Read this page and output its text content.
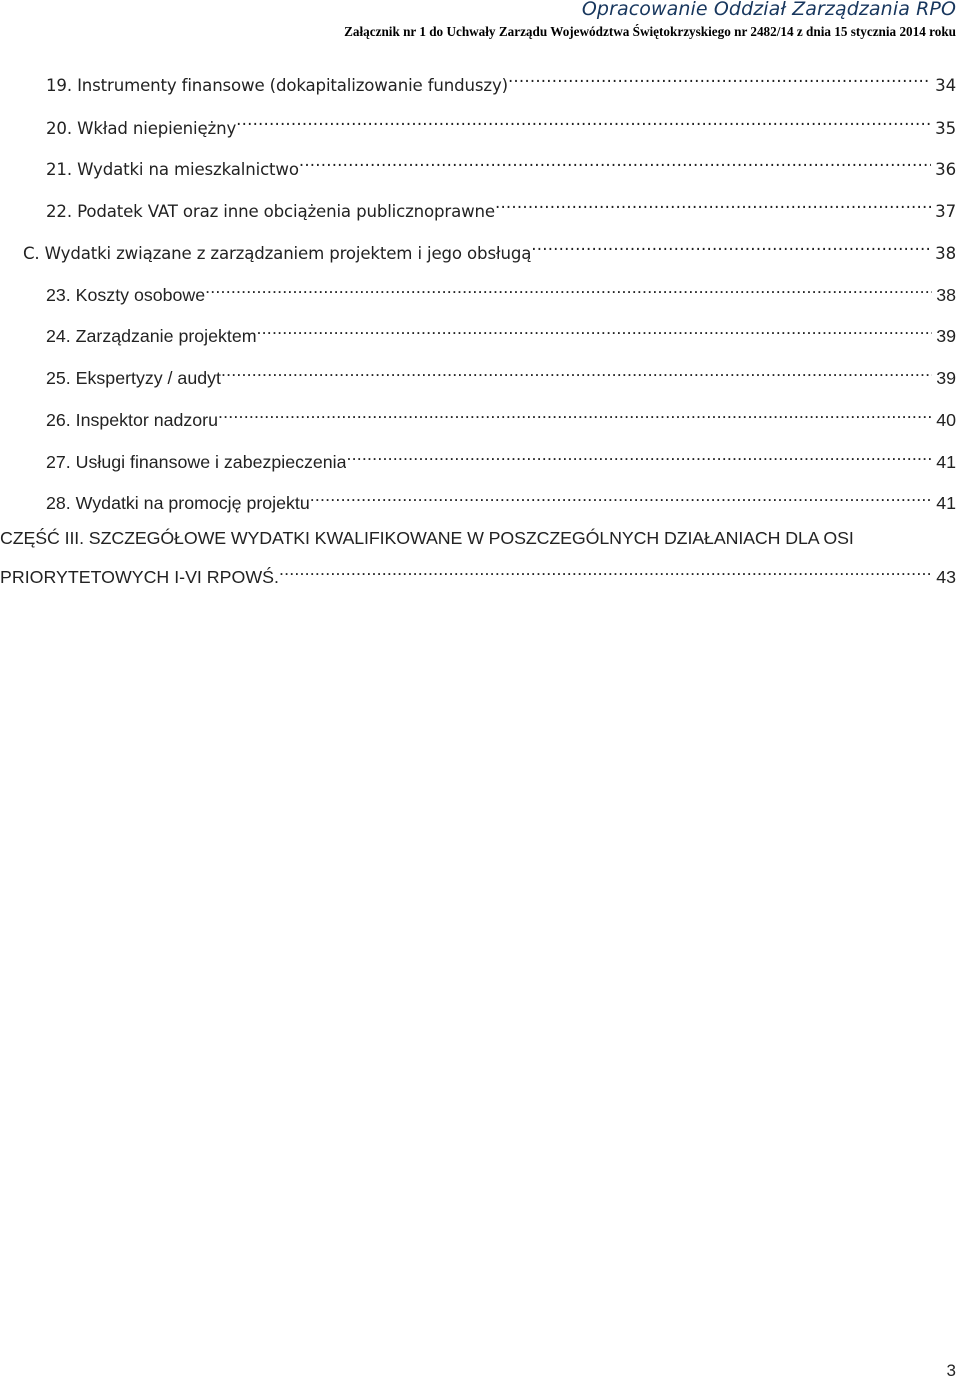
Opracowanie Oddział Zarządzania RPO
Załącznik nr 1 do Uchwały Zarządu Województwa Świętokrzyskiego nr 2482/14 z dnia 15 stycznia 2014 roku
19. Instrumenty finansowe (dokapitalizowanie funduszy) .....	34
20. Wkład niepieniężny .....	35
21. Wydatki na mieszkalnictwo .....	36
22. Podatek VAT oraz inne obciążenia publicznoprawne .....	37
C. Wydatki związane z zarządzaniem projektem i jego obsługą .....	38
23. Koszty osobowe .....	38
24. Zarządzanie projektem .....	39
25. Ekspertyzy / audyt .....	39
26. Inspektor nadzoru .....	40
27. Usługi finansowe i zabezpieczenia .....	41
28. Wydatki na promocję projektu .....	41
CZĘŚĆ III. SZCZEGÓŁOWE WYDATKI KWALIFIKOWANE W POSZCZEGÓLNYCH DZIAŁANIACH DLA OSI
PRIORYTETOWYCH I-VI RPOWŚ. .....	43
3
